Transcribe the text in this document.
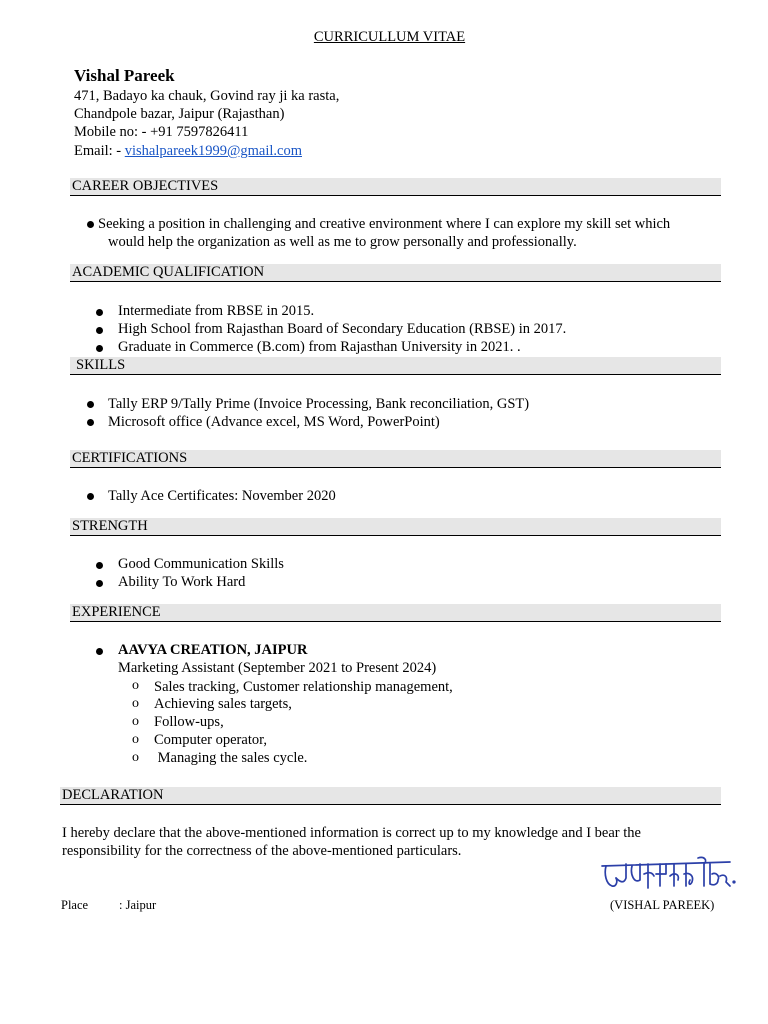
CURRICULLUM VITAE
Vishal Pareek
471, Badayo ka chauk, Govind ray ji ka rasta,
Chandpole bazar, Jaipur (Rajasthan)
Mobile no: - +91 7597826411
Email: - vishalpareek1999@gmail.com
CAREER OBJECTIVES
Seeking a position in challenging and creative environment where I can explore my skill set which
would help the organization as well as me to grow personally and professionally.
ACADEMIC QUALIFICATION
Intermediate from RBSE in 2015.
High School from Rajasthan Board of Secondary Education (RBSE) in 2017.
Graduate in Commerce (B.com) from Rajasthan University in 2021. .
SKILLS
Tally ERP 9/Tally Prime (Invoice Processing, Bank reconciliation, GST)
Microsoft office (Advance excel, MS Word, PowerPoint)
CERTIFICATIONS
Tally Ace Certificates: November 2020
STRENGTH
Good Communication Skills
Ability To Work Hard
EXPERIENCE
AAVYA CREATION, JAIPUR
Marketing Assistant (September 2021 to Present 2024)
o Sales tracking, Customer relationship management,
o Achieving sales targets,
o Follow-ups,
o Computer operator,
o Managing the sales cycle.
DECLARATION
I hereby declare that the above-mentioned information is correct up to my knowledge and I bear the
responsibility for the correctness of the above-mentioned particulars.
Place : Jaipur	(VISHAL PAREEK)
